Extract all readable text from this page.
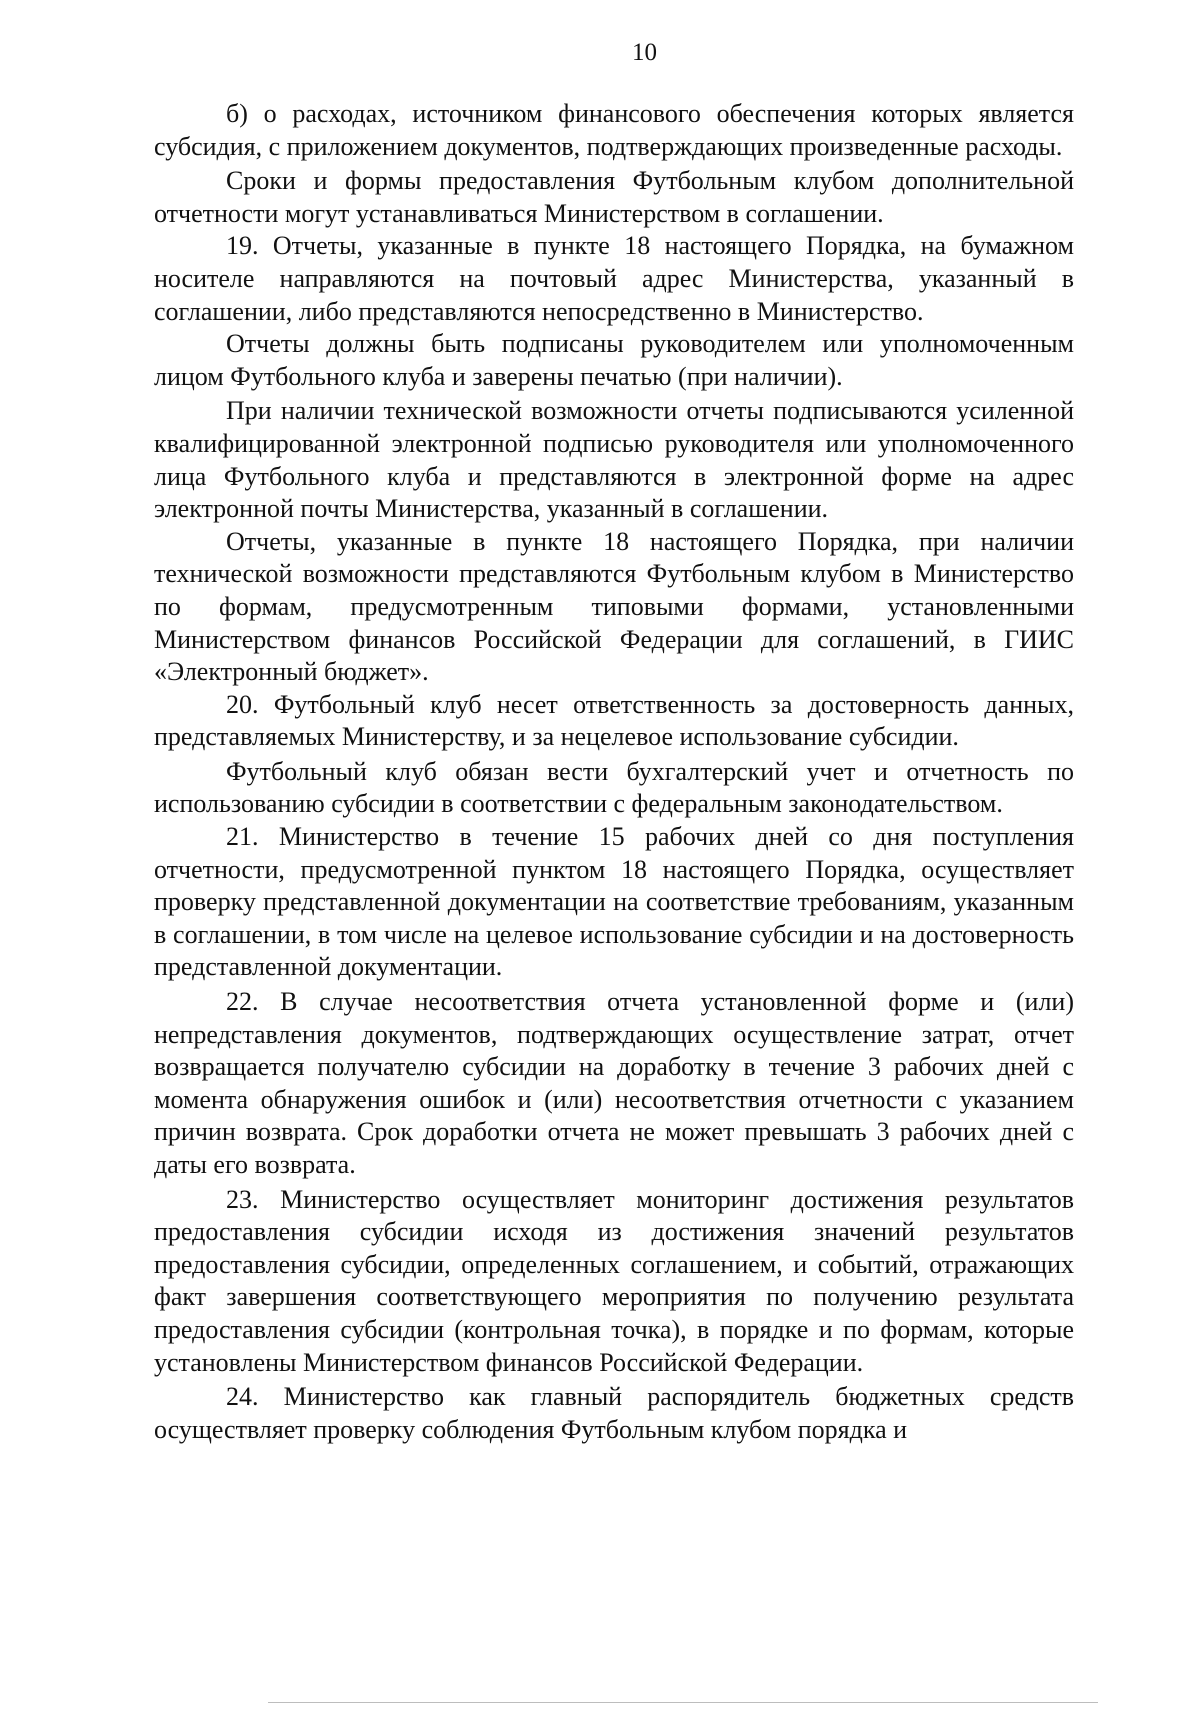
10

б) о расходах, источником финансового обеспечения которых является субсидия, с приложением документов, подтверждающих произведенные расходы.

Сроки и формы предоставления Футбольным клубом дополнительной отчетности могут устанавливаться Министерством в соглашении.

19. Отчеты, указанные в пункте 18 настоящего Порядка, на бумажном носителе направляются на почтовый адрес Министерства, указанный в соглашении, либо представляются непосредственно в Министерство.

Отчеты должны быть подписаны руководителем или уполномоченным лицом Футбольного клуба и заверены печатью (при наличии).

При наличии технической возможности отчеты подписываются усиленной квалифицированной электронной подписью руководителя или уполномоченного лица Футбольного клуба и представляются в электронной форме на адрес электронной почты Министерства, указанный в соглашении.

Отчеты, указанные в пункте 18 настоящего Порядка, при наличии технической возможности представляются Футбольным клубом в Министерство по формам, предусмотренным типовыми формами, установленными Министерством финансов Российской Федерации для соглашений, в ГИИС «Электронный бюджет».

20. Футбольный клуб несет ответственность за достоверность данных, представляемых Министерству, и за нецелевое использование субсидии.

Футбольный клуб обязан вести бухгалтерский учет и отчетность по использованию субсидии в соответствии с федеральным законодательством.

21. Министерство в течение 15 рабочих дней со дня поступления отчетности, предусмотренной пунктом 18 настоящего Порядка, осуществляет проверку представленной документации на соответствие требованиям, указанным в соглашении, в том числе на целевое использование субсидии и на достоверность представленной документации.

22. В случае несоответствия отчета установленной форме и (или) непредставления документов, подтверждающих осуществление затрат, отчет возвращается получателю субсидии на доработку в течение 3 рабочих дней с момента обнаружения ошибок и (или) несоответствия отчетности с указанием причин возврата. Срок доработки отчета не может превышать 3 рабочих дней с даты его возврата.

23. Министерство осуществляет мониторинг достижения результатов предоставления субсидии исходя из достижения значений результатов предоставления субсидии, определенных соглашением, и событий, отражающих факт завершения соответствующего мероприятия по получению результата предоставления субсидии (контрольная точка), в порядке и по формам, которые установлены Министерством финансов Российской Федерации.

24. Министерство как главный распорядитель бюджетных средств осуществляет проверку соблюдения Футбольным клубом порядка и
